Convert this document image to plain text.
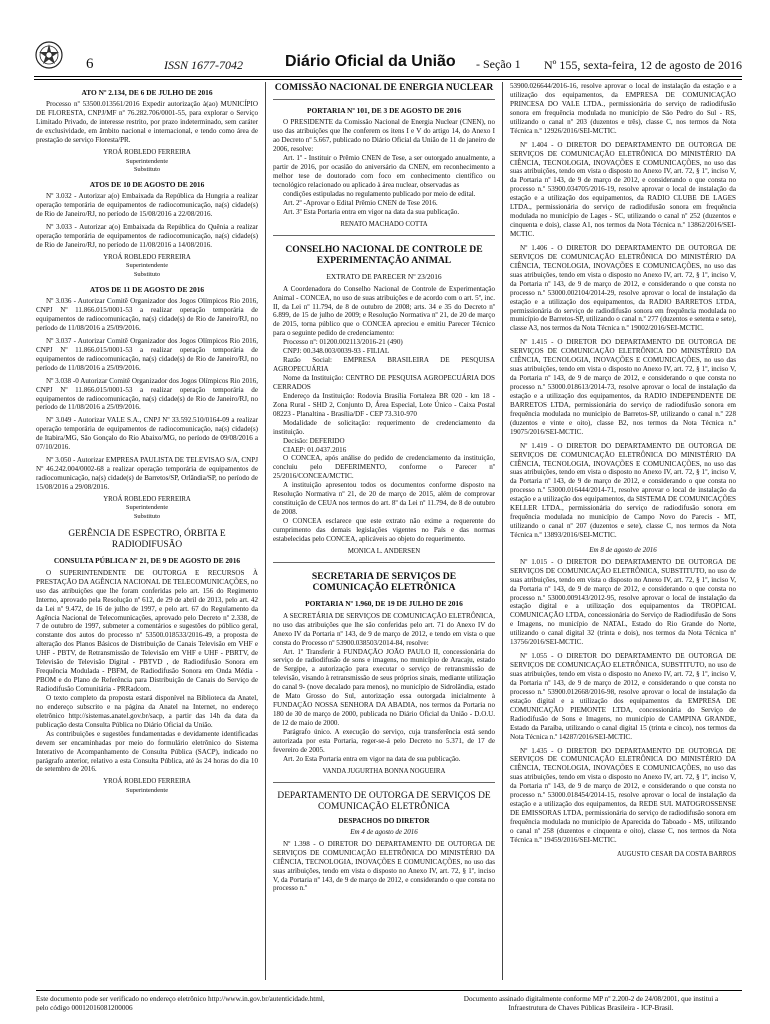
6	ISSN 1677-7042	Diário Oficial da União - Seção 1 Nº 155, sexta-feira, 12 de agosto de 2016
ATO Nº 2.134, DE 6 DE JULHO DE 2016

Processo nº 53500.013561/2016 Expedir autorização à(ao) MUNICÍPIO DE FLORESTA, CNPJ/MF nº 76.282.706/0001-55, para explorar o Serviço Limitado Privado, de interesse restrito, por prazo indeterminado, sem caráter de exclusividade, em âmbito nacional e internacional, e tendo como área de prestação de serviço Floresta/PR.

YROÁ ROBLEDO FERREIRA
Superintendente
Substituto
ATOS DE 10 DE AGOSTO DE 2016

Nº 3.032 - Autorizar a(o) Embaixada da República da Hungria a realizar operação temporária de equipamentos de radiocomunicação, na(s) cidade(s) de Rio de Janeiro/RJ, no período de 15/08/2016 a 22/08/2016.

Nº 3.033 - Autorizar a(o) Embaixada da República do Quênia a realizar operação temporária de equipamentos de radiocomunicação, na(s) cidade(s) de Rio de Janeiro/RJ, no período de 11/08/2016 a 14/08/2016.

YROÁ ROBLEDO FERREIRA
Superintendente
Substituto
ATOS DE 11 DE AGOSTO DE 2016

Nº 3.036 - Autorizar Comitê Organizador dos Jogos Olímpicos Rio 2016, CNPJ Nº 11.866.015/0001-53 a realizar operação temporária de equipamentos de radiocomunicação, na(s) cidade(s) de Rio de Janeiro/RJ, no período de 11/08/2016 a 25/09/2016.

Nº 3.037 - Autorizar Comitê Organizador dos Jogos Olímpicos Rio 2016, CNPJ Nº 11.866.015/0001-53 a realizar operação temporária de equipamentos de radiocomunicação, na(s) cidade(s) de Rio de Janeiro/RJ, no período de 11/08/2016 a 25/09/2016.

Nº 3.038 -0 Autorizar Comitê Organizador dos Jogos Olímpicos Rio 2016, CNPJ Nº 11.866.015/0001-53 a realizar operação temporária de equipamentos de radiocomunicação, na(s) cidade(s) de Rio de Janeiro/RJ, no período de 11/08/2016 a 25/09/2016.

Nº 3.049 - Autorizar VALE S.A., CNPJ Nº 33.592.510/0164-09 a realizar operação temporária de equipamentos de radiocomunicação, na(s) cidade(s) de Itabira/MG, São Gonçalo do Rio Abaixo/MG, no período de 09/08/2016 a 07/10/2016.

Nº 3.050 - Autorizar EMPRESA PAULISTA DE TELEVISAO S/A, CNPJ Nº 46.242.004/0002-68 a realizar operação temporária de equipamentos de radiocomunicação, na(s) cidade(s) de Barretos/SP, Orlândia/SP, no período de 15/08/2016 a 29/08/2016.

YROÁ ROBLEDO FERREIRA
Superintendente
Substituto
GERÊNCIA DE ESPECTRO, ÓRBITA E RADIODIFUSÃO
CONSULTA PÚBLICA Nº 21, DE 9 DE AGOSTO DE 2016

O SUPERINTENDENTE DE OUTORGA E RECURSOS À PRESTAÇÃO DA AGÊNCIA NACIONAL DE TELECOMUNICAÇÕES, no uso das atribuições que lhe foram conferidas pelo art. 156 do Regimento Interno, aprovado pela Resolução nº 612, de 29 de abril de 2013, pelo art. 42 da Lei nº 9.472, de 16 de julho de 1997, e pelo art. 67 do Regulamento da Agência Nacional de Telecomunicações, aprovado pelo Decreto nº 2.338, de 7 de outubro de 1997, submeter a comentários e sugestões do público geral, constante dos autos do processo nº 53500.018533/2016-49, a proposta de alteração dos Planos Básicos de Distribuição de Canais Televisão em VHF e UHF - PBTV, de Retransmissão de Televisão em VHF e UHF - PBRTV, de Televisão de Televisão Digital - PBTVD , de Radiodifusão Sonora em Frequência Modulada - PBFM, de Radiodifusão Sonora em Onda Média - PBOM e do Plano de Referência para Distribuição de Canais do Serviço de Radiodifusão Comunitária - PRRadcom.

O texto completo da proposta estará disponível na Biblioteca da Anatel, no endereço subscrito e na página da Anatel na Internet, no endereço eletrônico http://sistemas.anatel.gov.br/sacp, a partir das 14h da data da publicação desta Consulta Pública no Diário Oficial da União.

As contribuições e sugestões fundamentadas e devidamente identificadas devem ser encaminhadas por meio do formulário eletrônico do Sistema Interativo de Acompanhamento de Consulta Pública (SACP), indicado no parágrafo anterior, relativo a esta Consulta Pública, até às 24 horas do dia 10 de setembro de 2016.

YROÁ ROBLEDO FERREIRA
Superintendente
COMISSÃO NACIONAL DE ENERGIA NUCLEAR
PORTARIA Nº 101, DE 3 DE AGOSTO DE 2016

O PRESIDENTE da Comissão Nacional de Energia Nuclear (CNEN), no uso das atribuições que lhe conferem os itens I e V do artigo 14, do Anexo I ao Decreto nº 5.667, publicado no Diário Oficial da União de 11 de janeiro de 2006, resolve:

Art. 1º - Instituir o Prêmio CNEN de Tese, a ser outorgado anualmente, a partir de 2016, por ocasião do aniversário da CNEN, em reconhecimento a melhor tese de doutorado com foco em conhecimento científico ou tecnológico relacionado ou aplicado à área nuclear, observadas as

condições estipuladas no regulamento publicado por meio de edital.

Art. 2º -Aprovar o Edital Prêmio CNEN de Tese 2016.

Art. 3º Esta Portaria entra em vigor na data da sua publicação.

RENATO MACHADO COTTA
CONSELHO NACIONAL DE CONTROLE DE EXPERIMENTAÇÃO ANIMAL
EXTRATO DE PARECER Nº 23/2016

A Coordenadora do Conselho Nacional de Controle de Experimentação Animal - CONCEA, no uso de suas atribuições e de acordo com o art. 5º, inc. II, da Lei nº 11.794, de 8 de outubro de 2008; arts. 34 e 35 do Decreto nº 6.899, de 15 de julho de 2009; e Resolução Normativa nº 21, de 20 de março de 2015, torna público que o CONCEA apreciou e emitiu Parecer Técnico para o seguinte pedido de credenciamento:

Processo nº: 01200.002113/2016-21 (490)

CNPJ: 00.348.003/0039-93 - FILIAL

Razão Social: EMPRESA BRASILEIRA DE PESQUISA AGROPECUÁRIA

Nome da Instituição: CENTRO DE PESQUISA AGROPECUÁRIA DOS CERRADOS

Endereço da Instituição: Rodovia Brasília Fortaleza BR 020 - km 18 - Zona Rural - SHD 2, Conjunto D, Área Especial, Lote Único - Caixa Postal 08223 - Planaltina - Brasília/DF - CEP 73.310-970

Modalidade de solicitação: requerimento de credenciamento da instituição.

Decisão: DEFERIDO

CIAEP: 01.0437.2016

O CONCEA, após análise do pedido de credenciamento da instituição, concluiu pelo DEFERIMENTO, conforme o Parecer nº 25/2016/CONCEA/MCTIC.

A instituição apresentou todos os documentos conforme disposto na Resolução Normativa nº 21, de 20 de março de 2015, além de comprovar constituição de CEUA nos termos do art. 8º da Lei nº 11.794, de 8 de outubro de 2008.

O CONCEA esclarece que este extrato não exime a requerente do cumprimento das demais legislações vigentes no País e das normas estabelecidas pelo CONCEA, aplicáveis ao objeto do requerimento.

MONICA L. ANDERSEN
SECRETARIA DE SERVIÇOS DE COMUNICAÇÃO ELETRÔNICA
PORTARIA Nº 1.960, DE 19 DE JULHO DE 2016

A SECRETÁRIA DE SERVIÇOS DE COMUNICAÇÃO ELETRÔNICA, no uso das atribuições que lhe são conferidas pelo art. 71 do Anexo IV do Anexo IV da Portaria nº 143, de 9 de março de 2012, e tendo em vista o que consta do Processo nº 53900.038503/2014-84, resolve:

Art. 1º Transferir à FUNDAÇÃO JOÃO PAULO II, concessionária do serviço de radiodifusão de sons e imagens, no município de Aracaju, estado de Sergipe, a autorização para executar o serviço de retransmissão de televisão, visando à retransmissão de seus próprios sinais, mediante utilização do canal 9- (nove decalado para menos), no município de Sidrolândia, estado de Mato Grosso do Sul, autorização essa outorgada inicialmente à FUNDAÇÃO NOSSA SENHORA DA ABADIA, nos termos da Portaria no 180 de 30 de março de 2000, publicada no Diário Oficial da União - D.O.U. de 12 de maio de 2000.

Parágrafo único. A execução do serviço, cuja transferência está sendo autorizada por esta Portaria, reger-se-á pelo Decreto no 5.371, de 17 de fevereiro de 2005.

Art. 2o Esta Portaria entra em vigor na data de sua publicação.

VANDA JUGURTHA BONNA NOGUEIRA
DEPARTAMENTO DE OUTORGA DE SERVIÇOS DE COMUNICAÇÃO ELETRÔNICA
DESPACHOS DO DIRETOR
Em 4 de agosto de 2016

Nº 1.398 - O DIRETOR DO DEPARTAMENTO DE OUTORGA DE SERVIÇOS DE COMUNICAÇÃO ELETRÔNICA DO MINISTÉRIO DA CIÊNCIA, TECNOLOGIA, INOVAÇÕES E COMUNICAÇÕES, no uso das suas atribuições, tendo em vista o disposto no Anexo IV, art. 72, § 1º, inciso V, da Portaria nº 143, de 9 de março de 2012, e considerando o que consta no processo n.º

53900.026644/2016-16, resolve aprovar o local de instalação da estação e a utilização dos equipamentos, da EMPRESA DE COMUNICAÇÃO PRINCESA DO VALE LTDA., permissionária do serviço de radiodifusão sonora em frequência modulada no município de São Pedro do Sul - RS, utilizando o canal nº 203 (duzentos e três), classe C, nos termos da Nota Técnica n.º 12926/2016/SEI-MCTIC.

Nº 1.404 - O DIRETOR DO DEPARTAMENTO DE OUTORGA DE SERVIÇOS DE COMUNICAÇÃO ELETRÔNICA DO MINISTÉRIO DA CIÊNCIA, TECNOLOGIA, INOVAÇÕES E COMUNICAÇÕES, no uso das suas atribuições, tendo em vista o disposto no Anexo IV, art. 72, § 1º, inciso V, da Portaria nº 143, de 9 de março de 2012, e considerando o que consta no processo n.º 53900.034705/2016-19, resolve aprovar o local de instalação da estação e a utilização dos equipamentos, da RADIO CLUBE DE LAGES LTDA., permissionária do serviço de radiodifusão sonora em frequência modulada no município de Lages - SC, utilizando o canal nº 252 (duzentos e cinquenta e dois), classe A1, nos termos da Nota Técnica n.º 13862/2016/SEI-MCTIC.

Nº 1.406 - O DIRETOR DO DEPARTAMENTO DE OUTORGA DE SERVIÇOS DE COMUNICAÇÃO ELETRÔNICA DO MINISTÉRIO DA CIÊNCIA, TECNOLOGIA, INOVAÇÕES E COMUNICAÇÕES, no uso das suas atribuições, tendo em vista o disposto no Anexo IV, art. 72, § 1º, inciso V, da Portaria nº 143, de 9 de março de 2012, e considerando o que consta no processo n.º 53000.002104/2014-29, resolve aprovar o local de instalação da estação e a utilização dos equipamentos, da RADIO BARRETOS LTDA, permissionária do serviço de radiodifusão sonora em frequência modulada no município de Barretos-SP, utilizando o canal n.º 277 (duzentos e setenta e sete), classe A3, nos termos da Nota Técnica n.º 19002/2016/SEI-MCTIC.

Nº 1.415 - O DIRETOR DO DEPARTAMENTO DE OUTORGA DE SERVIÇOS DE COMUNICAÇÃO ELETRÔNICA DO MINISTÉRIO DA CIÊNCIA, TECNOLOGIA, INOVAÇÕES E COMUNICAÇÕES, no uso das suas atribuições, tendo em vista o disposto no Anexo IV, art. 72, § 1º, inciso V, da Portaria nº 143, de 9 de março de 2012, e considerando o que consta no processo n.º 53000.018613/2014-73, resolve aprovar o local de instalação da estação e a utilização dos equipamentos, da RADIO INDEPENDENTE DE BARRETOS LTDA, permissionária do serviço de radiodifusão sonora em frequência modulada no município de Barretos-SP, utilizando o canal n.º 228 (duzentos e vinte e oito), classe B2, nos termos da Nota Técnica n.º 19075/2016/SEI-MCTIC.

Nº 1.419 - O DIRETOR DO DEPARTAMENTO DE OUTORGA DE SERVIÇOS DE COMUNICAÇÃO ELETRÔNICA DO MINISTÉRIO DA CIÊNCIA, TECNOLOGIA, INOVAÇÕES E COMUNICAÇÕES, no uso das suas atribuições, tendo em vista o disposto no Anexo IV, art. 72, § 1º, inciso V, da Portaria nº 143, de 9 de março de 2012, e considerando o que consta no processo n.º 53000.016444/2014-71, resolve aprovar o local de instalação da estação e a utilização dos equipamentos, da SISTEMA DE COMUNICAÇÕES KELLER LTDA., permissionária do serviço de radiodifusão sonora em frequência modulada no município de Campo Novo do Parecis - MT, utilizando o canal nº 207 (duzentos e sete), classe C, nos termos da Nota Técnica n.º 13893/2016/SEI-MCTIC.

Em 8 de agosto de 2016

Nº 1.015 - O DIRETOR DO DEPARTAMENTO DE OUTORGA DE SERVIÇOS DE COMUNICAÇÃO ELETRÔNICA, SUBSTITUTO, no uso de suas atribuições, tendo em vista o disposto no Anexo IV, art. 72, § 1º, inciso V, da Portaria nº 143, de 9 de março de 2012, e considerando o que consta no processo n.º 53000.009143/2012-95, resolve aprovar o local de instalação da estação digital e a utilização dos equipamentos da TROPICAL COMUNICAÇÃO LTDA, concessionária do Serviço de Radiodifusão de Sons e Imagens, no município de NATAL, Estado do Rio Grande do Norte, utilizando o canal digital 32 (trinta e dois), nos termos da Nota Técnica nº 13756/2016/SEI-MCTIC.

Nº 1.055 - O DIRETOR DO DEPARTAMENTO DE OUTORGA DE SERVIÇOS DE COMUNICAÇÃO ELETRÔNICA, SUBSTITUTO, no uso de suas atribuições, tendo em vista o disposto no Anexo IV, art. 72, § 1º, inciso V, da Portaria nº 143, de 9 de março de 2012, e considerando o que consta no processo n.º 53900.012668/2016-98, resolve aprovar o local de instalação da estação digital e a utilização dos equipamentos da EMPRESA DE COMUNICAÇÃO PIEMONTE LTDA, concessionária do Serviço de Radiodifusão de Sons e Imagens, no município de CAMPINA GRANDE, Estado da Paraíba, utilizando o canal digital 15 (trinta e cinco), nos termos da Nota Técnica n.º 14287/2016/SEI-MCTIC.

Nº 1.435 - O DIRETOR DO DEPARTAMENTO DE OUTORGA DE SERVIÇOS DE COMUNICAÇÃO ELETRÔNICA DO MINISTÉRIO DA CIÊNCIA, TECNOLOGIA, INOVAÇÕES E COMUNICAÇÕES, no uso das suas atribuições, tendo em vista o disposto no Anexo IV, art. 72, § 1º, inciso V, da Portaria nº 143, de 9 de março de 2012, e considerando o que consta no processo n.º 53000.018454/2014-15, resolve aprovar o local de instalação da estação e a utilização dos equipamentos, da REDE SUL MATOGROSSENSE DE EMISSORAS LTDA, permissionária do serviço de radiodifusão sonora em frequência modulada no município de Aparecida do Taboado - MS, utilizando o canal nº 258 (duzentos e cinquenta e oito), classe C, nos termos da Nota Técnica n.º 19459/2016/SEI-MCTIC.

AUGUSTO CESAR DA COSTA BARROS
Este documento pode ser verificado no endereço eletrônico http://www.in.gov.br/autenticidade.html,
pelo código 00012016081200006
Documento assinado digitalmente conforme MP nº 2.200-2 de 24/08/2001, que institui a
Infraestrutura de Chaves Públicas Brasileira - ICP-Brasil.
